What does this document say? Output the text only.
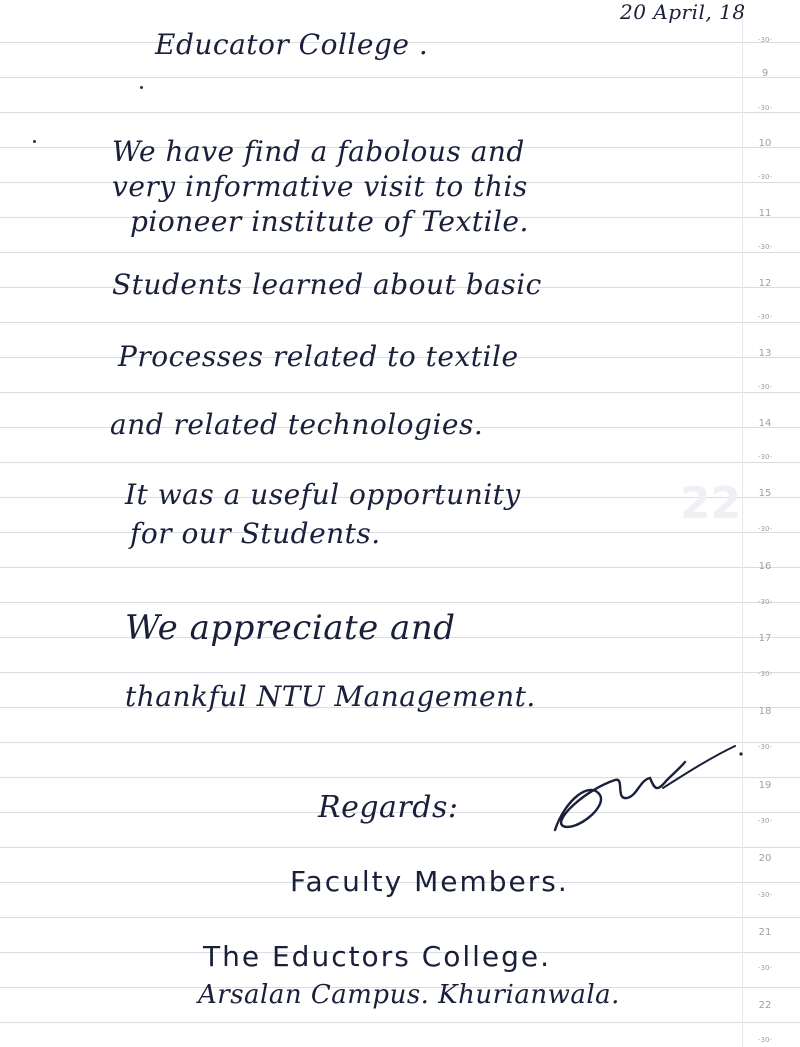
22
20 April, 18
Educator College .
We have find a fabolous and
very informative visit to this
pioneer institute of Textile.
Students learned about basic
Processes related to textile
and related technologies.
It was a useful opportunity
for our Students.
We appreciate and
thankful NTU Management.
Regards:
Faculty Members.
The Eductors College.
Arsalan Campus. Khurianwala.
-30-
9
-30-
10
-30-
11
-30-
12
-30-
13
-30-
14
-30-
15
-30-
16
-30-
17
-30-
18
-30-
19
-30-
20
-30-
21
-30-
22
-30-
